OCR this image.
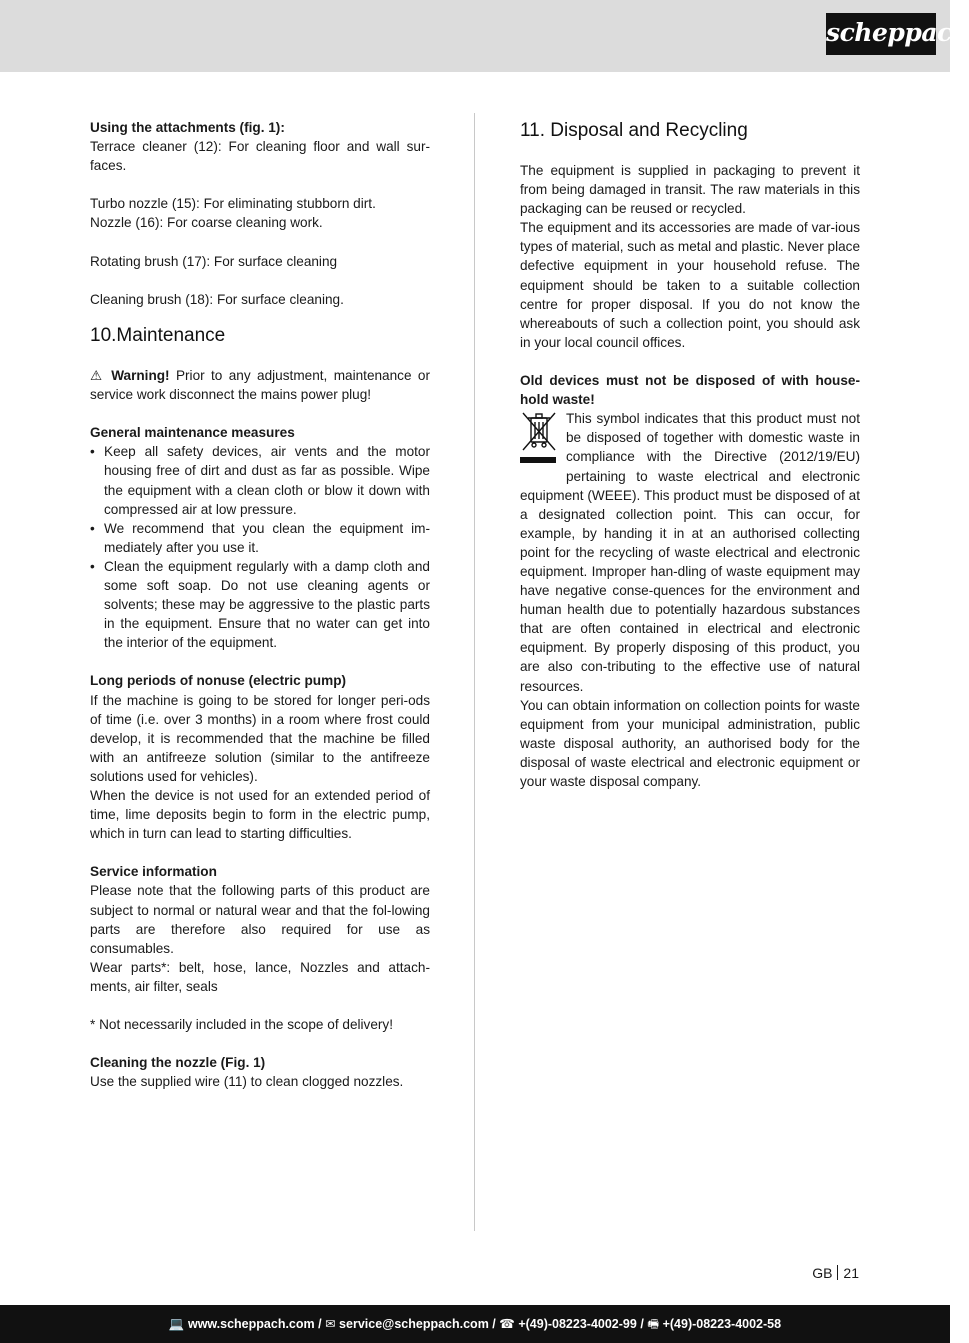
scheppach

Using the attachments (fig. 1):

Terrace cleaner (12): For cleaning floor and wall sur-faces.

Turbo nozzle (15): For eliminating stubborn dirt.

Nozzle (16): For coarse cleaning work.

Rotating brush (17): For surface cleaning

Cleaning brush (18): For surface cleaning.

10.Maintenance

⚠ Warning! Prior to any adjustment, maintenance or service work disconnect the mains power plug!

General maintenance measures

• Keep all safety devices, air vents and the motor housing free of dirt and dust as far as possible. Wipe the equipment with a clean cloth or blow it down with compressed air at low pressure.
• We recommend that you clean the equipment im-mediately after you use it.
• Clean the equipment regularly with a damp cloth and some soft soap. Do not use cleaning agents or solvents; these may be aggressive to the plastic parts in the equipment. Ensure that no water can get into the interior of the equipment.

Long periods of nonuse (electric pump)

If the machine is going to be stored for longer peri-ods of time (i.e. over 3 months) in a room where frost could develop, it is recommended that the machine be filled with an antifreeze solution (similar to the antifreeze solutions used for vehicles).

When the device is not used for an extended period of time, lime deposits begin to form in the electric pump, which in turn can lead to starting difficulties.

Service information

Please note that the following parts of this product are subject to normal or natural wear and that the fol-lowing parts are therefore also required for use as consumables.

Wear parts*: belt, hose, lance, Nozzles and attach-ments, air filter, seals

* Not necessarily included in the scope of delivery!

Cleaning the nozzle (Fig. 1)

Use the supplied wire (11) to clean clogged nozzles.

11. Disposal and Recycling

The equipment is supplied in packaging to prevent it from being damaged in transit. The raw materials in this packaging can be reused or recycled.

The equipment and its accessories are made of var-ious types of material, such as metal and plastic. Never place defective equipment in your household refuse. The equipment should be taken to a suitable collection centre for proper disposal. If you do not know the whereabouts of such a collection point, you should ask in your local council offices.

Old devices must not be disposed of with house-hold waste!

This symbol indicates that this product must not be disposed of together with domestic waste in compliance with the Directive (2012/19/EU) pertaining to waste electrical and electronic equipment (WEEE). This product must be disposed of at a designated collection point. This can occur, for example, by handing it in at an authorised collecting point for the recycling of waste electrical and electronic equipment. Improper han-dling of waste equipment may have negative conse-quences for the environment and human health due to potentially hazardous substances that are often contained in electrical and electronic equipment. By properly disposing of this product, you are also con-tributing to the effective use of natural resources.

You can obtain information on collection points for waste equipment from your municipal administration, public waste disposal authority, an authorised body for the disposal of waste electrical and electronic equipment or your waste disposal company.

GB 21
💻 www.scheppach.com / ✉ service@scheppach.com / ☎ +(49)-08223-4002-99 / 🖷 +(49)-08223-4002-58
